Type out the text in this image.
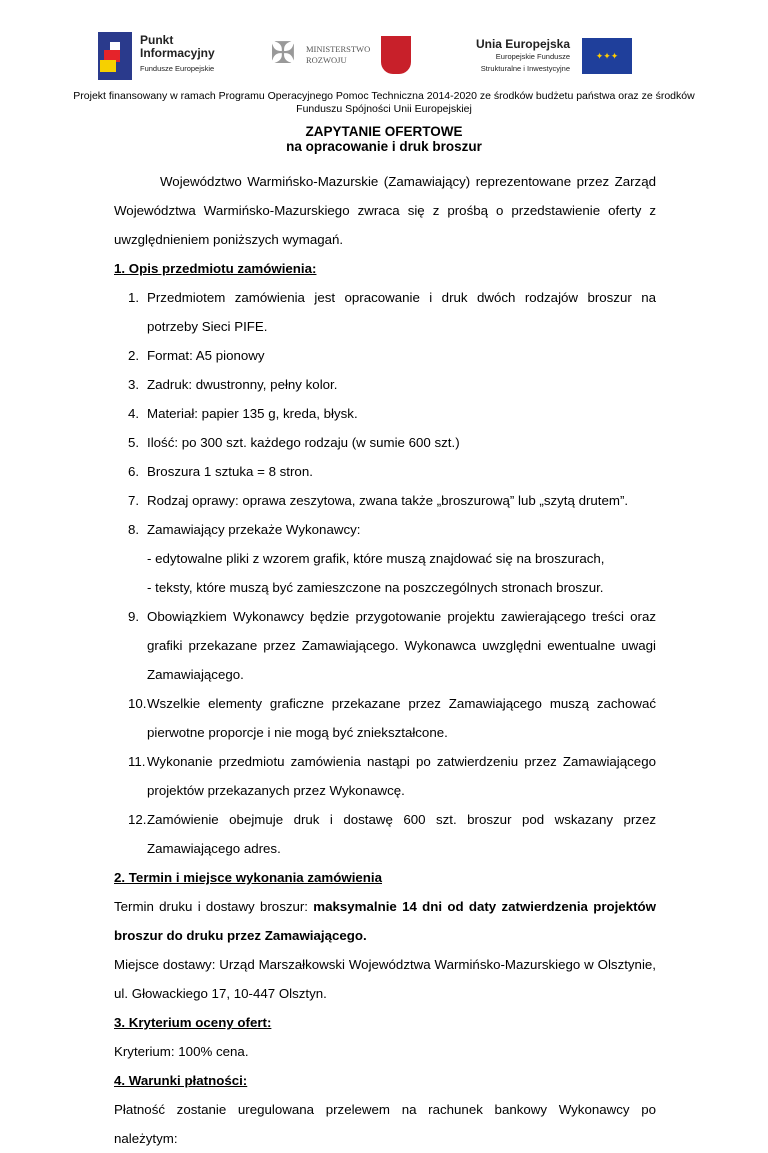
Punkt
Informacyjny
Fundusze Europejskie ✠	MINISTERSTWO
ROZWOJU
Unia Europejska
Europejskie Fundusze
Strukturalne i Inwestycyjne
✦✦✦
Projekt finansowany w ramach Programu Operacyjnego Pomoc Techniczna 2014-2020 ze środków budżetu państwa oraz ze środków Funduszu Spójności Unii Europejskiej
ZAPYTANIE OFERTOWE
na opracowanie i druk broszur

Województwo Warmińsko-Mazurskie (Zamawiający) reprezentowane przez Zarząd Województwa Warmińsko-Mazurskiego zwraca się z prośbą o przedstawienie oferty z uwzględnieniem poniższych wymagań.

1. Opis przedmiotu zamówienia:

1. Przedmiotem zamówienia jest opracowanie i druk dwóch rodzajów broszur na potrzeby Sieci PIFE.
2. Format: A5 pionowy
3. Zadruk: dwustronny, pełny kolor.
4. Materiał: papier 135 g, kreda, błysk.
5. Ilość: po 300 szt. każdego rodzaju (w sumie 600 szt.)
6. Broszura 1 sztuka = 8 stron.
7. Rodzaj oprawy: oprawa zeszytowa, zwana także „broszurową” lub „szytą drutem”.
8. Zamawiający przekaże Wykonawcy:
- edytowalne pliki z wzorem grafik, które muszą znajdować się na broszurach,
- teksty, które muszą być zamieszczone na poszczególnych stronach broszur.
9. Obowiązkiem Wykonawcy będzie przygotowanie projektu zawierającego treści oraz grafiki przekazane przez Zamawiającego. Wykonawca uwzględni ewentualne uwagi Zamawiającego.
10. Wszelkie elementy graficzne przekazane przez Zamawiającego muszą zachować pierwotne proporcje i nie mogą być zniekształcone.
11. Wykonanie przedmiotu zamówienia nastąpi po zatwierdzeniu przez Zamawiającego projektów przekazanych przez Wykonawcę.
12. Zamówienie obejmuje druk i dostawę 600 szt. broszur pod wskazany przez Zamawiającego adres.

2. Termin i miejsce wykonania zamówienia

Termin druku i dostawy broszur: maksymalnie 14 dni od daty zatwierdzenia projektów broszur do druku przez Zamawiającego.

Miejsce dostawy: Urząd Marszałkowski Województwa Warmińsko-Mazurskiego w Olsztynie, ul. Głowackiego 17, 10-447 Olsztyn.

3. Kryterium oceny ofert:

Kryterium: 100% cena.

4. Warunki płatności:

Płatność zostanie uregulowana przelewem na rachunek bankowy Wykonawcy po należytym:
